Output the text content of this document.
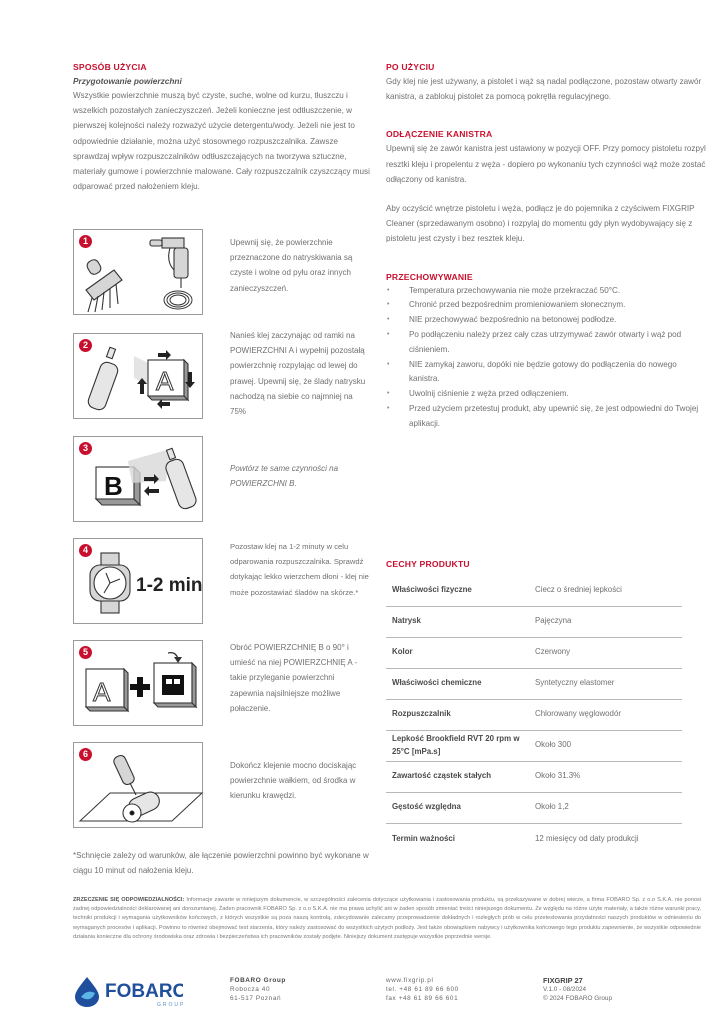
SPOSÓB UŻYCIA
Przygotowanie powierzchni

Wszystkie powierzchnie muszą być czyste, suche, wolne od kurzu, tłuszczu i wszelkich pozostałych zanieczyszczeń. Jeżeli konieczne jest odtłuszczenie, w pierwszej kolejności należy rozważyć użycie detergentu/wody. Jeżeli nie jest to odpowiednie działanie, można użyć stosownego rozpuszczalnika. Zawsze sprawdzaj wpływ rozpuszczalników odtłuszczających na tworzywa sztuczne, materiały gumowe i powierzchnie malowane. Cały rozpuszczalnik czyszczący musi odparować przed nałożeniem kleju.

1	Upewnij się, że powierzchnie przeznaczone do natryskiwania są czyste i wolne od pyłu oraz innych zanieczyszczeń.
A
2
Nanieś klej zaczynając od ramki na POWIERZCHNI A i wypełnij pozostałą powierzchnię rozpylając od lewej do prawej. Upewnij się, że ślady natrysku nachodzą na siebie co najmniej na 75%
B
3
Powtórz te same czynności na POWIERZCHNI B.
1-2 min
4	Pozostaw klej na 1-2 minuty w celu odparowania rozpuszczalnika. Sprawdź dotykając lekko wierzchem dłoni - klej nie może pozostawiać śladów na skórze.*
A
5	Obróć POWIERZCHNIĘ B o 90° i umieść na niej POWIERZCHNIĘ A - takie przyleganie powierzchni zapewnia najsilniejsze możliwe połaczenie.
6
Dokończ klejenie mocno dociskając powierzchnie wałkiem, od środka w kierunku krawędzi.
*Schnięcie zależy od warunków, ale łączenie powierzchni powinno być wykonane w ciągu 10 minut od nałożenia kleju.
PO UŻYCIU

Gdy klej nie jest używany, a pistolet i wąż są nadal podłączone, pozostaw otwarty zawór kanistra, a zablokuj pistolet za pomocą pokrętła regulacyjnego.

ODŁĄCZENIE KANISTRA

Upewnij się że zawór kanistra jest ustawiony w pozycji OFF. Przy pomocy pistoletu rozpyl resztki kleju i propelentu z węża - dopiero po wykonaniu tych czynności wąż może zostać odłączony od kanistra.

Aby oczyścić wnętrze pistoletu i węża, podłącz je do pojemnika z czyściwem FIXGRIP Cleaner (sprzedawanym osobno) i rozpylaj do momentu gdy płyn wydobywający się z pistoletu jest czysty i bez resztek kleju.

PRZECHOWYWANIE
• Temperatura przechowywania nie może przekraczać 50°C.
• Chronić przed bezpośrednim promieniowaniem słonecznym.
• NIE przechowywać bezpośrednio na betonowej podłodze.
• Po podłączeniu należy przez cały czas utrzymywać zawór otwarty i wąż pod ciśnieniem.
• NIE zamykaj zaworu, dopóki nie będzie gotowy do podłączenia do nowego kanistra.
• Uwolnij ciśnienie z węża przed odłączeniem.
• Przed użyciem przetestuj produkt, aby upewnić się, że jest odpowiedni do Twojej aplikacji.
CECHY PRODUKTU
Właściwości fizyczne	Ciecz o średniej lepkości
Natrysk	Pajęczyna
Kolor	Czerwony
Właściwości chemiczne	Syntetyczny elastomer
Rozpuszczalnik	Chlorowany węglowodór
Lepkość Brookfield RVT 20 rpm w 25°C [mPa.s]	Około 300
Zawartość cząstek stałych	Około 31.3%
Gęstość względna	Około 1,2
Termin ważności	12 miesięcy od daty produkcji
ZRZECZENIE SIĘ ODPOWIEDZIALNOŚCI: Informacje zawarte w niniejszym dokumencie, w szczególności zalecenia dotyczące użytkowania i zastosowania produktu, są przekazywane w dobrej wierze, a firma FOBARO Sp. z o.o S.K.A. nie ponosi żadnej odpowiedzialności deklarowanej ani dorozumianej. Żaden pracownik FOBARO Sp. z o.o S.K.A. nie ma prawa uchylić ani w żaden sposób zmieniać treści niniejszego dokumentu. Ze względu na różne użyte materiały, a także różne warunki pracy, techniki produkcji i wymagania użytkowników końcowych, z których wszystkie są poza naszą kontrolą, zdecydowanie zalecamy przeprowadzenie dokładnych i rozległych prób w celu przetestowania przydatności naszych produktów w odniesieniu do wymaganych procesów i aplikacji. Powinno to również obejmować test starzenia, który należy zastosować do wszystkich użytych podłoży. Jest także obowiązkiem nabywcy i użytkownika końcowego tego produktu zapewnienie, że wszystkie odpowiednie działania konieczne dla ochrony środowiska oraz zdrowia i bezpieczeństwa ich pracowników zostały podjęte. Niniejszy dokument zastępuje wszystkie poprzednie wersje.
FOBARO
GROUP
FOBARO Group
Robocza 40
61-517 Poznań
www.fixgrip.pl
tel. +48 61 89 66 600
fax +48 61 89 66 601
FIXGRIP 27
V.1.0 - 08/2024
© 2024 FOBARO Group
